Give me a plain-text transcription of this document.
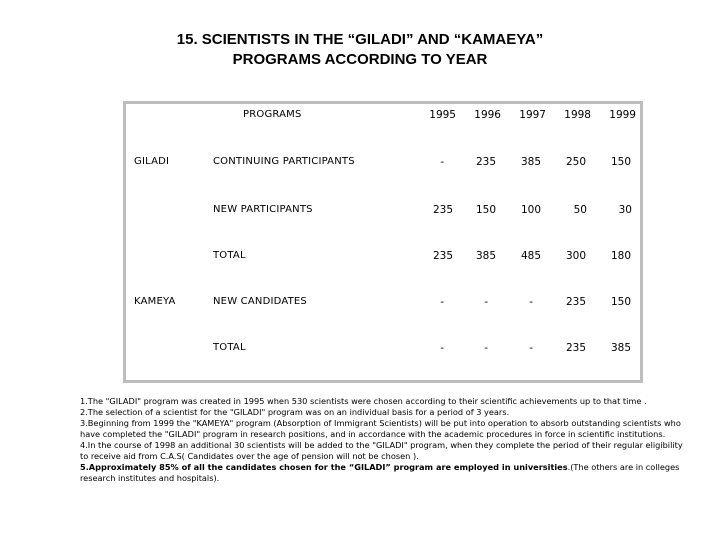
15. SCIENTISTS IN THE “GILADI” AND “KAMAEYA”
PROGRAMS ACCORDING TO YEAR
PROGRAMS	1995	1996	1997	1998	1999
GILADI	CONTINUING PARTICIPANTS	-	235	385	250	150
NEW PARTICIPANTS	235	150	100	50	30
TOTAL	235	385	485	300	180
KAMEYA	NEW CANDIDATES	-	-	-	235	150
TOTAL	-	-	-	235	385

1.The "GILADI" program was created in 1995 when 530 scientists were chosen according to their scientific achievements up to that time .

2.The selection of a scientist for the "GILADI" program was on an individual basis for a period of 3 years.

3.Beginning from 1999 the "KAMEYA" program (Absorption of Immigrant Scientists) will be put into operation to absorb outstanding scientists who have completed the "GILADI" program in research positions, and in accordance with the academic procedures in force in scientific institutions.

4.In the course of 1998 an additional 30 scientists will be added to the "GILADI" program, when they complete the period of their regular eligibility to receive aid from C.A.S( Candidates over the age of pension will not be chosen ).

5.Approximately 85% of all the candidates chosen for the “GILADI” program are employed in universities.(The others are in colleges research institutes and hospitals).
